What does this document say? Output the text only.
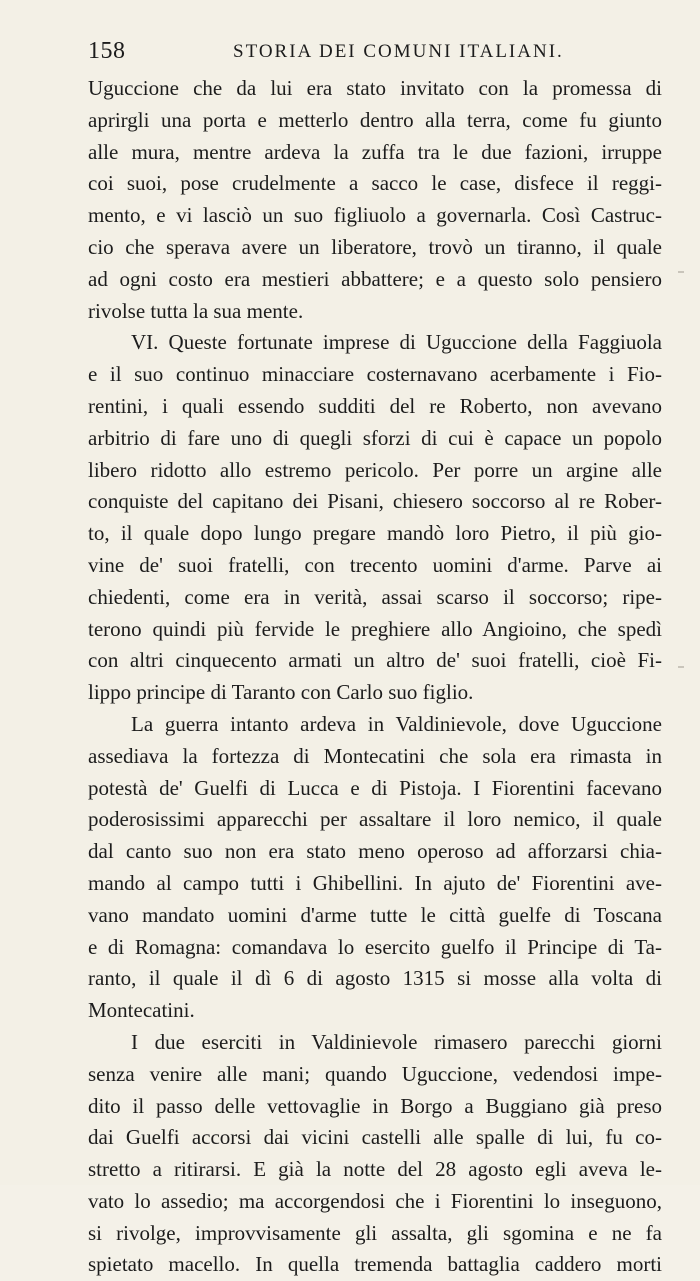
158	STORIA DEI COMUNI ITALIANI.
Uguccione che da lui era stato invitato con la promessa di
aprirgli una porta e metterlo dentro alla terra, come fu giunto
alle mura, mentre ardeva la zuffa tra le due fazioni, irruppe
coi suoi, pose crudelmente a sacco le case, disfece il reggi-
mento, e vi lasciò un suo figliuolo a governarla. Così Castruc-
cio che sperava avere un liberatore, trovò un tiranno, il quale
ad ogni costo era mestieri abbattere; e a questo solo pensiero
rivolse tutta la sua mente.
VI. Queste fortunate imprese di Uguccione della Faggiuola
e il suo continuo minacciare costernavano acerbamente i Fio-
rentini, i quali essendo sudditi del re Roberto, non avevano
arbitrio di fare uno di quegli sforzi di cui è capace un popolo
libero ridotto allo estremo pericolo. Per porre un argine alle
conquiste del capitano dei Pisani, chiesero soccorso al re Rober-
to, il quale dopo lungo pregare mandò loro Pietro, il più gio-
vine de' suoi fratelli, con trecento uomini d'arme. Parve ai
chiedenti, come era in verità, assai scarso il soccorso; ripe-
terono quindi più fervide le preghiere allo Angioino, che spedì
con altri cinquecento armati un altro de' suoi fratelli, cioè Fi-
lippo principe di Taranto con Carlo suo figlio.
La guerra intanto ardeva in Valdinievole, dove Uguccione
assediava la fortezza di Montecatini che sola era rimasta in
potestà de' Guelfi di Lucca e di Pistoja. I Fiorentini facevano
poderosissimi apparecchi per assaltare il loro nemico, il quale
dal canto suo non era stato meno operoso ad afforzarsi chia-
mando al campo tutti i Ghibellini. In ajuto de' Fiorentini ave-
vano mandato uomini d'arme tutte le città guelfe di Toscana
e di Romagna: comandava lo esercito guelfo il Principe di Ta-
ranto, il quale il dì 6 di agosto 1315 si mosse alla volta di
Montecatini.
I due eserciti in Valdinievole rimasero parecchi giorni
senza venire alle mani; quando Uguccione, vedendosi impe-
dito il passo delle vettovaglie in Borgo a Buggiano già preso
dai Guelfi accorsi dai vicini castelli alle spalle di lui, fu co-
stretto a ritirarsi. E già la notte del 28 agosto egli aveva le-
vato lo assedio; ma accorgendosi che i Fiorentini lo inseguono,
si rivolge, improvvisamente gli assalta, gli sgomina e ne fa
spietato macello. In quella tremenda battaglia caddero morti
